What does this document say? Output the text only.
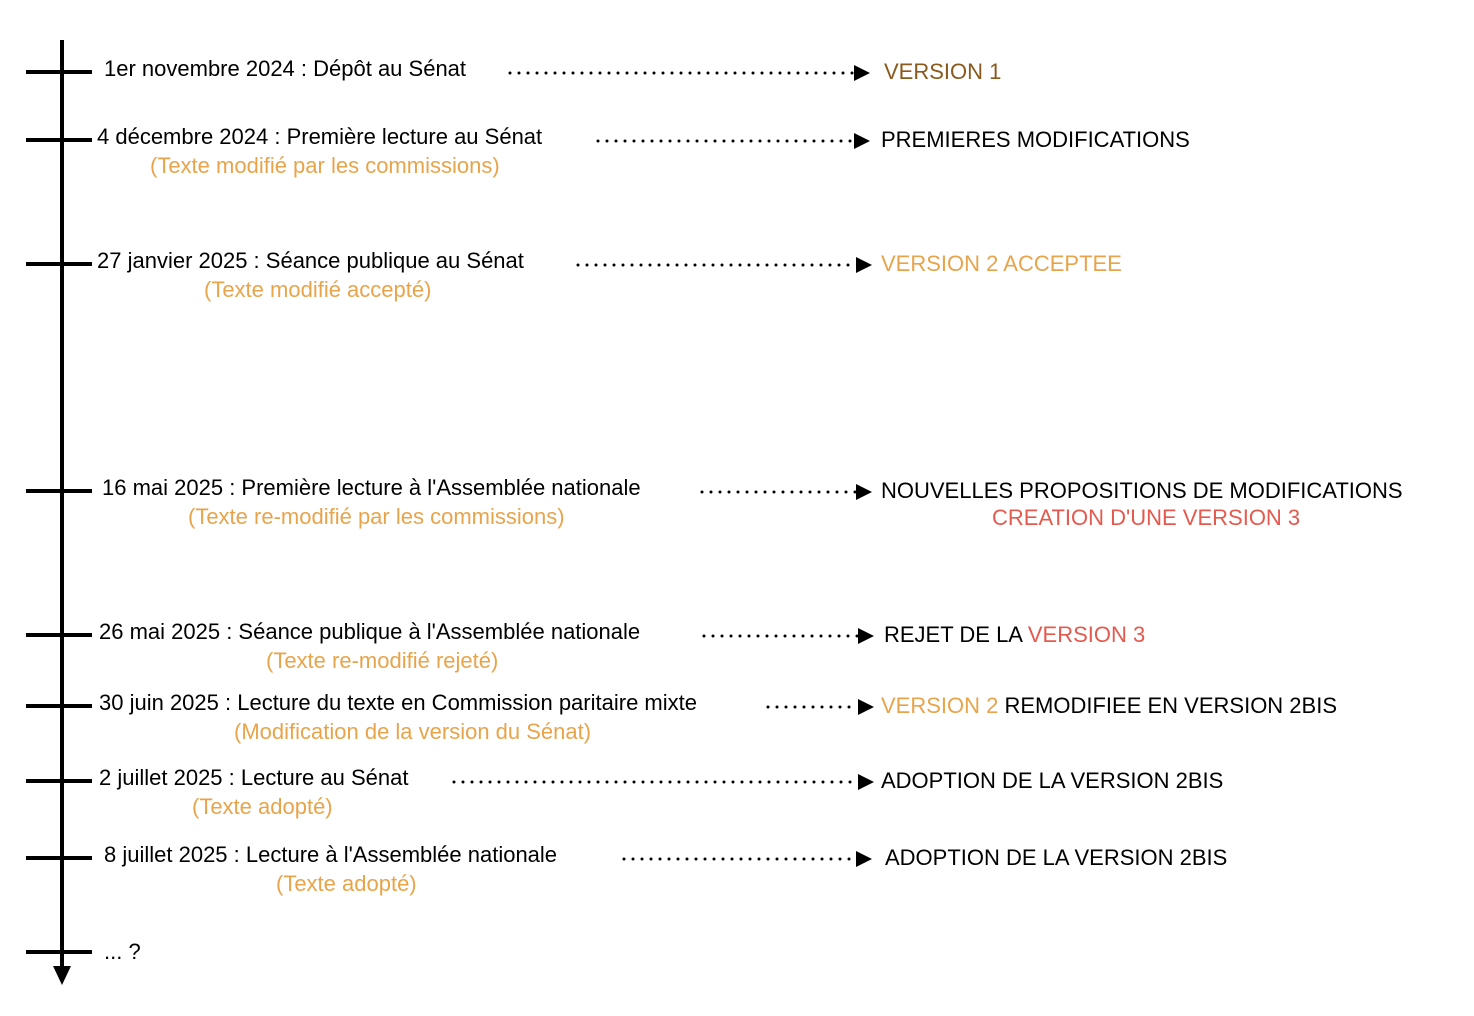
1er novembre 2024 : Dépôt au Sénat	VERSION 1
4 décembre 2024 : Première lecture au Sénat
(Texte modifié par les commissions)
PREMIERES MODIFICATIONS
27 janvier 2025 : Séance publique au Sénat
(Texte modifié accepté)
VERSION 2 ACCEPTEE
16 mai 2025 : Première lecture à l'Assemblée nationale
(Texte re-modifié par les commissions)
NOUVELLES PROPOSITIONS DE MODIFICATIONS
CREATION D'UNE VERSION 3
26 mai 2025 : Séance publique à l'Assemblée nationale
(Texte re-modifié rejeté)
REJET DE LA VERSION 3
30 juin 2025 : Lecture du texte en Commission paritaire mixte
(Modification de la version du Sénat)
VERSION 2 REMODIFIEE EN VERSION 2BIS
2 juillet 2025 : Lecture au Sénat
(Texte adopté)
ADOPTION DE LA VERSION 2BIS
8 juillet 2025 : Lecture à l'Assemblée nationale
(Texte adopté)
ADOPTION DE LA VERSION 2BIS
... ?
